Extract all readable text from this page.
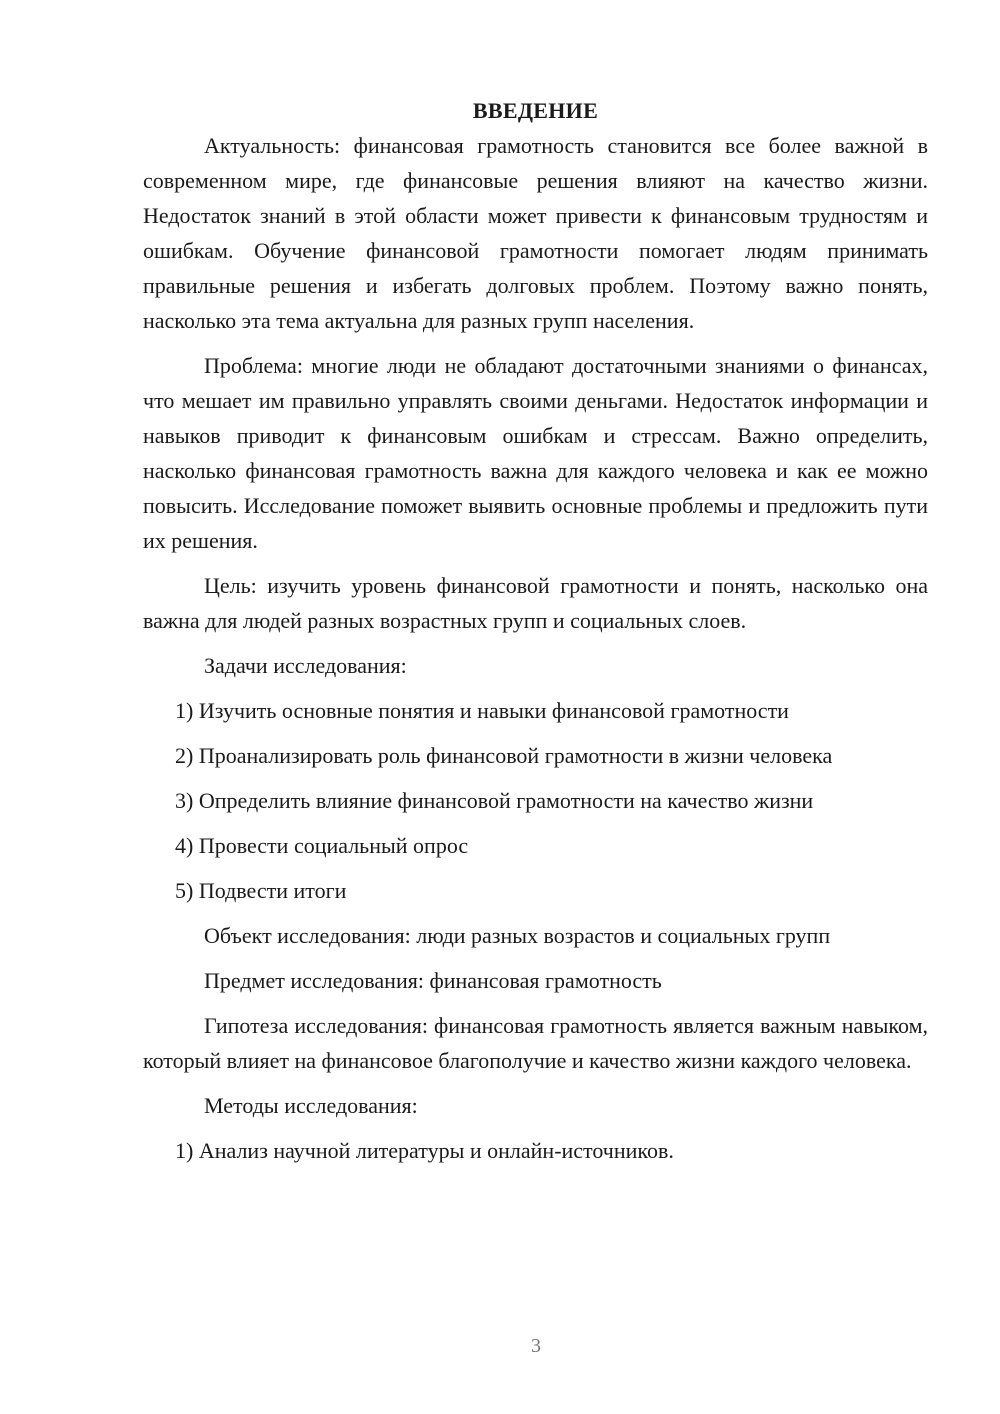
ВВЕДЕНИЕ

Актуальность: финансовая грамотность становится все более важной в современном мире, где финансовые решения влияют на качество жизни. Недостаток знаний в этой области может привести к финансовым трудностям и ошибкам. Обучение финансовой грамотности помогает людям принимать правильные решения и избегать долговых проблем. Поэтому важно понять, насколько эта тема актуальна для разных групп населения.

Проблема: многие люди не обладают достаточными знаниями о финансах, что мешает им правильно управлять своими деньгами. Недостаток информации и навыков приводит к финансовым ошибкам и стрессам. Важно определить, насколько финансовая грамотность важна для каждого человека и как ее можно повысить. Исследование поможет выявить основные проблемы и предложить пути их решения.

Цель: изучить уровень финансовой грамотности и понять, насколько она важна для людей разных возрастных групп и социальных слоев.

Задачи исследования:
1) Изучить основные понятия и навыки финансовой грамотности
2) Проанализировать роль финансовой грамотности в жизни человека
3) Определить влияние финансовой грамотности на качество жизни
4) Провести социальный опрос
5) Подвести итоги
Объект исследования: люди разных возрастов и социальных групп
Предмет исследования: финансовая грамотность

Гипотеза исследования: финансовая грамотность является важным навыком, который влияет на финансовое благополучие и качество жизни каждого человека.

Методы исследования:
1) Анализ научной литературы и онлайн-источников.
3
